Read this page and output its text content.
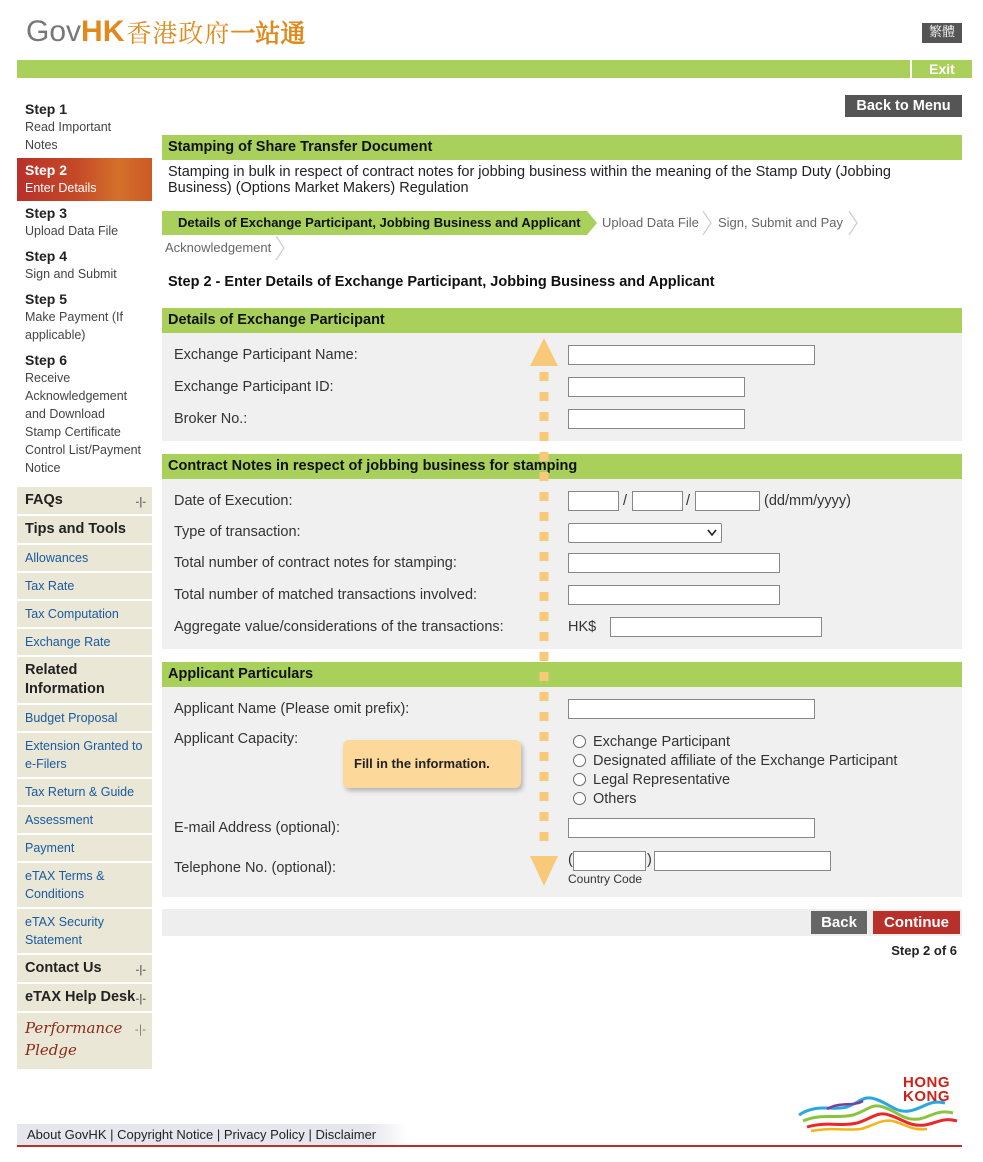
Gov HK 香港政府 一站通	繁體
Exit
Step 1
Read Important Notes
Step 2
Enter Details
Step 3
Upload Data File
Step 4
Sign and Submit
Step 5
Make Payment (If applicable)
Step 6
Receive Acknowledgement and Download Stamp Certificate Control List/Payment Notice
FAQs	-|-
Tips and Tools
Allowances
Tax Rate
Tax Computation
Exchange Rate
Related Information
Budget Proposal
Extension Granted to e-Filers
Tax Return & Guide
Assessment
Payment
eTAX Terms & Conditions
eTAX Security Statement
Contact Us	-|-
eTAX Help Desk -|-
Performance Pledge
-|-
Back to Menu
Stamping of Share Transfer Document
Stamping in bulk in respect of contract notes for jobbing business within the meaning of the Stamp Duty (Jobbing Business) (Options Market Makers) Regulation
Details of Exchange Participant, Jobbing Business and Applicant	Upload Data File	Sign, Submit and Pay
Acknowledgement
Step 2 - Enter Details of Exchange Participant, Jobbing Business and Applicant
Details of Exchange Participant
Exchange Participant Name:
Exchange Participant ID:
Broker No.:
Contract Notes in respect of jobbing business for stamping
Date of Execution:	/	/	(dd/mm/yyyy)
Type of transaction:
Total number of contract notes for stamping:
Total number of matched transactions involved:
Aggregate value/considerations of the transactions:	HK$
Applicant Particulars
Applicant Name (Please omit prefix):
Applicant Capacity:	Exchange Participant
Designated affiliate of the Exchange Participant
Legal Representative
Others
E-mail Address (optional):
Telephone No. (optional):	(	)
Country Code
Back	Continue
Step 2 of 6
Fill in the information.
About GovHK | Copyright Notice | Privacy Policy | Disclaimer
HONG
KONG
